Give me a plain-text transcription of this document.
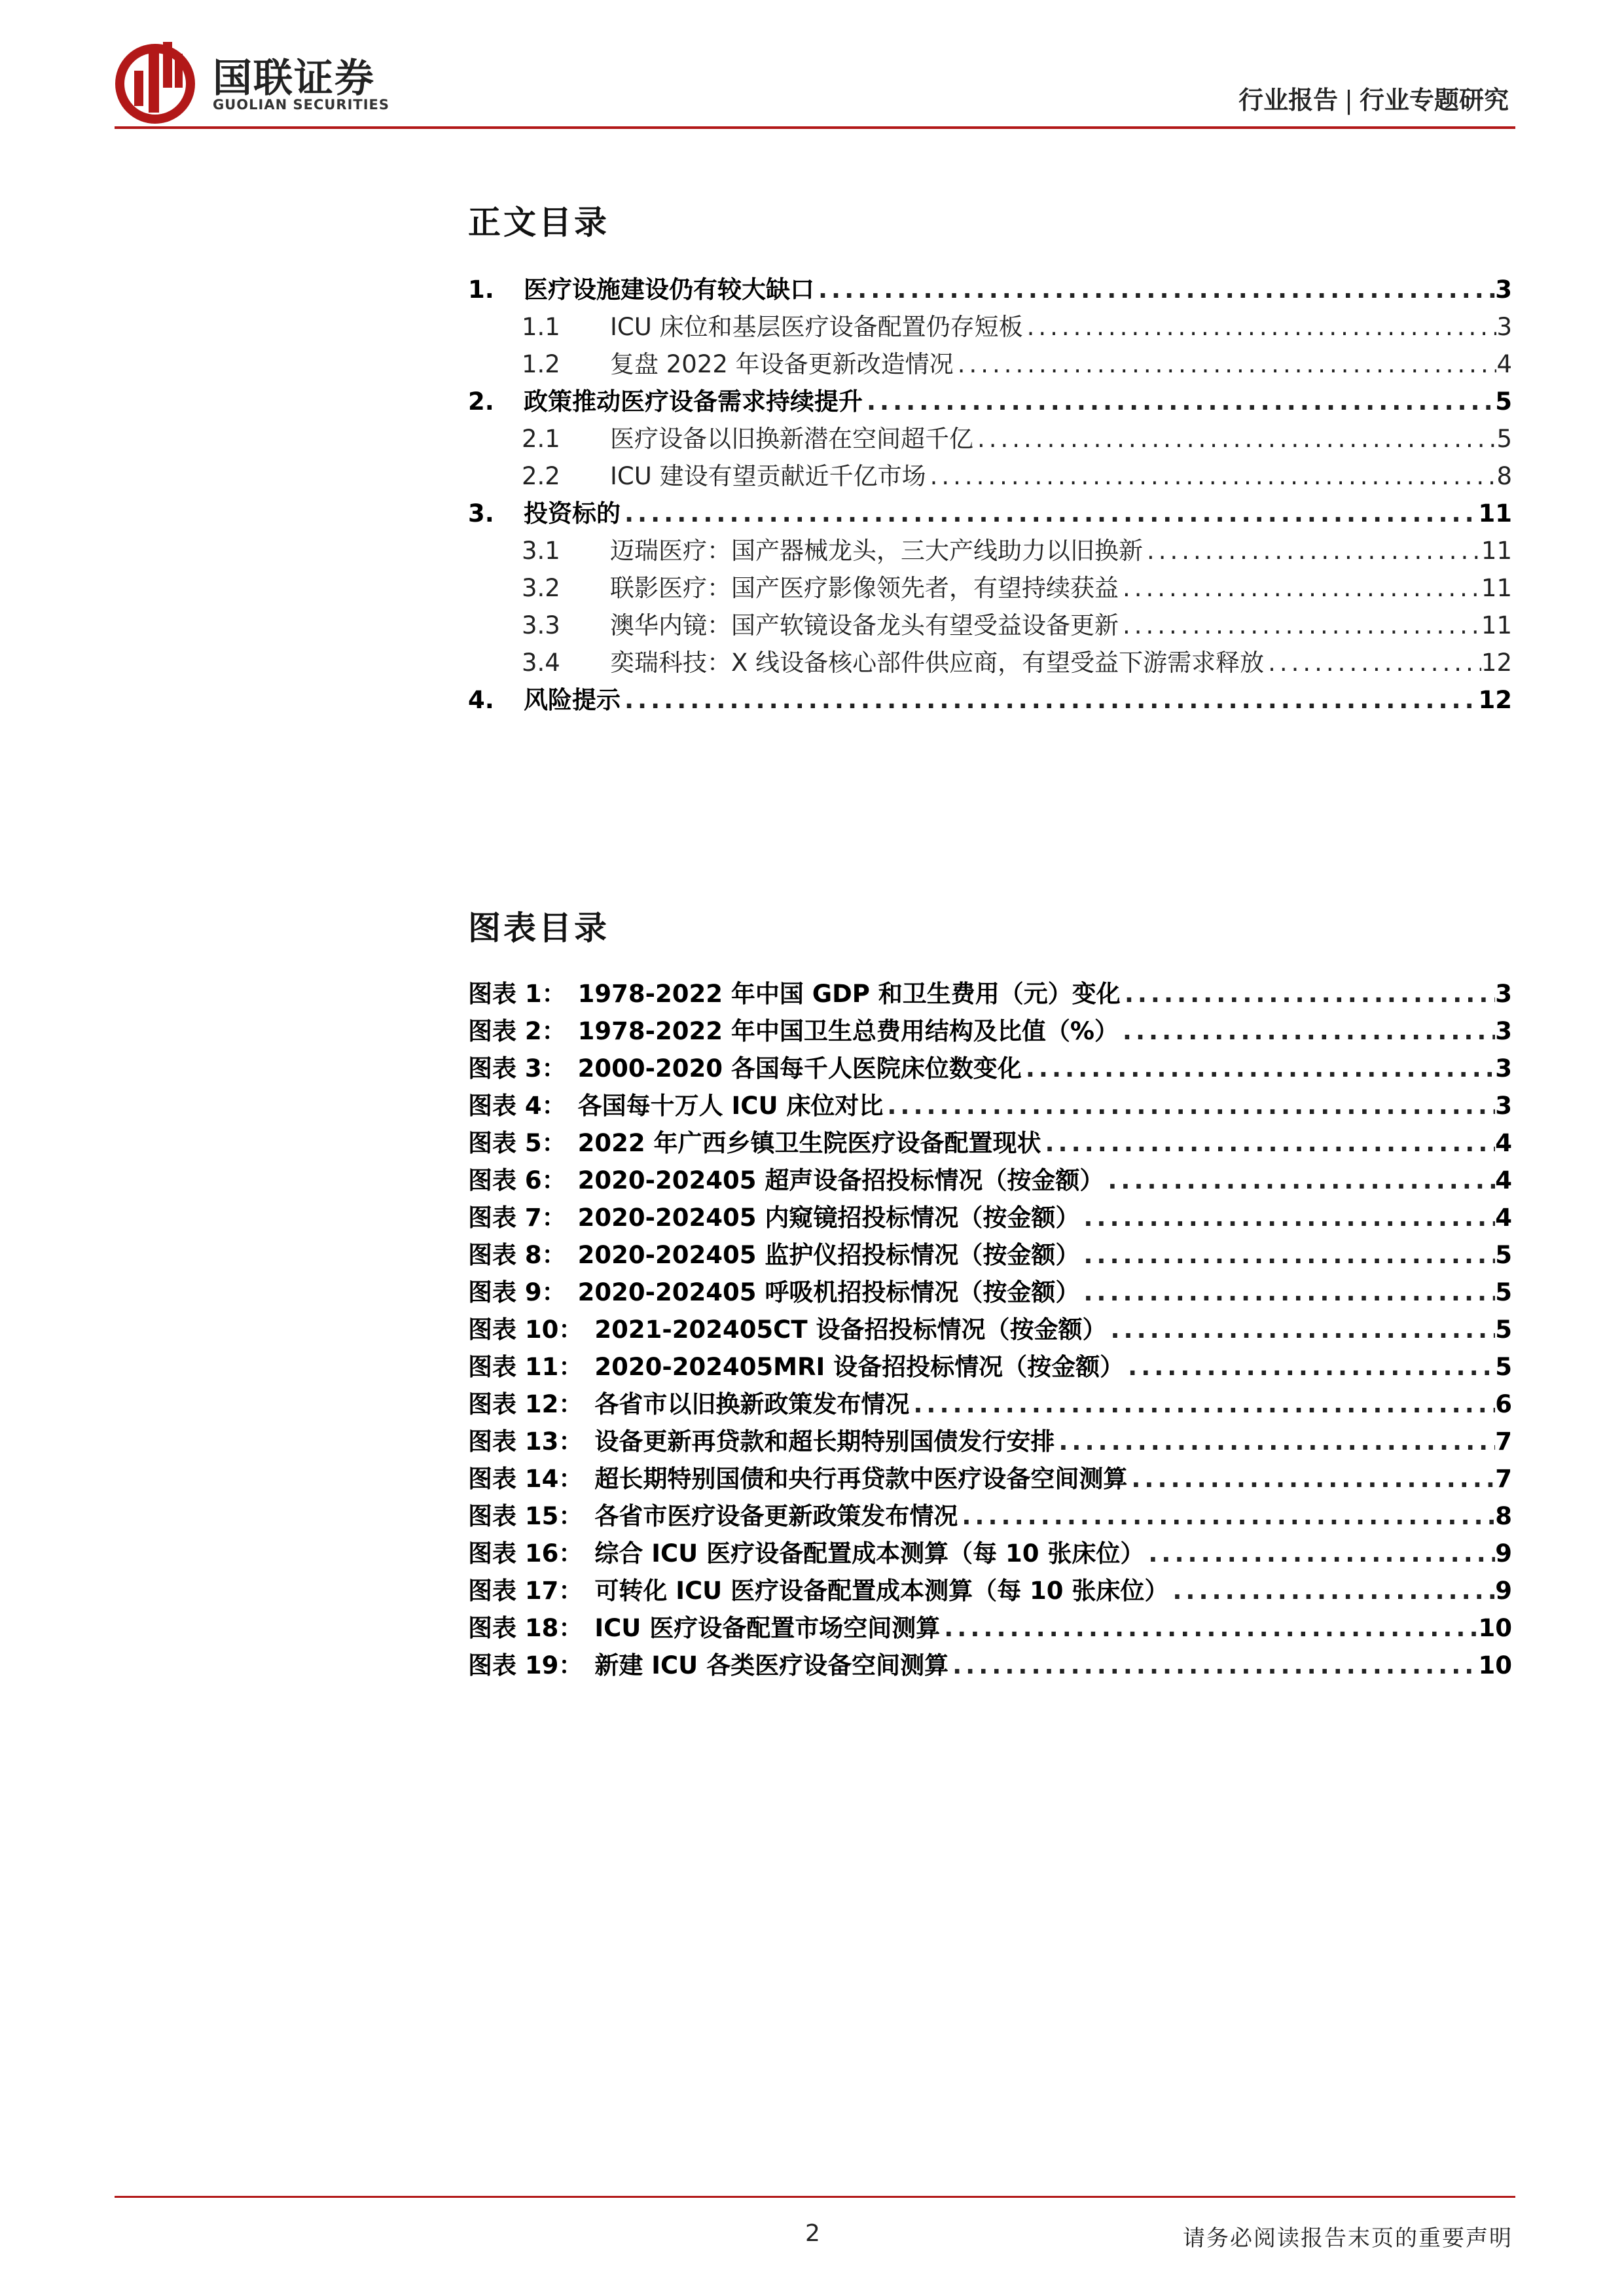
国联证券
GUOLIAN SECURITIES	行业报告 | 行业专题研究
正文目录
1.	医疗设施建设仍有较大缺口 .....	3
1.1	ICU 床位和基层医疗设备配置仍存短板 .....	3
1.2	复盘 2022 年设备更新改造情况 .....	4
2.	政策推动医疗设备需求持续提升 .....	5
2.1	医疗设备以旧换新潜在空间超千亿 .....	5
2.2	ICU 建设有望贡献近千亿市场 .....	8
3.	投资标的 .....	11
3.1	迈瑞医疗：国产器械龙头，三大产线助力以旧换新 .....	11
3.2	联影医疗：国产医疗影像领先者，有望持续获益 .....	11
3.3	澳华内镜：国产软镜设备龙头有望受益设备更新 .....	11
3.4	奕瑞科技：X 线设备核心部件供应商，有望受益下游需求释放 .....	12
4.	风险提示 .....	12
图表目录
图表 1： 1978-2022 年中国 GDP 和卫生费用（元）变化 .....	3
图表 2： 1978-2022 年中国卫生总费用结构及比值（%） .....	3
图表 3： 2000-2020 各国每千人医院床位数变化 .....	3
图表 4： 各国每十万人 ICU 床位对比 .....	3
图表 5： 2022 年广西乡镇卫生院医疗设备配置现状 .....	4
图表 6： 2020-202405 超声设备招投标情况（按金额） .....	4
图表 7： 2020-202405 内窥镜招投标情况（按金额） .....	4
图表 8： 2020-202405 监护仪招投标情况（按金额） .....	5
图表 9： 2020-202405 呼吸机招投标情况（按金额） .....	5
图表 10： 2021-202405CT 设备招投标情况（按金额） .....	5
图表 11： 2020-202405MRI 设备招投标情况（按金额） .....	5
图表 12： 各省市以旧换新政策发布情况 .....	6
图表 13： 设备更新再贷款和超长期特别国债发行安排 .....	7
图表 14： 超长期特别国债和央行再贷款中医疗设备空间测算 .....	7
图表 15： 各省市医疗设备更新政策发布情况 .....	8
图表 16： 综合 ICU 医疗设备配置成本测算（每 10 张床位） .....	9
图表 17： 可转化 ICU 医疗设备配置成本测算（每 10 张床位） .....	9
图表 18： ICU 医疗设备配置市场空间测算 .....	10
图表 19： 新建 ICU 各类医疗设备空间测算 .....	10
2	请务必阅读报告末页的重要声明
